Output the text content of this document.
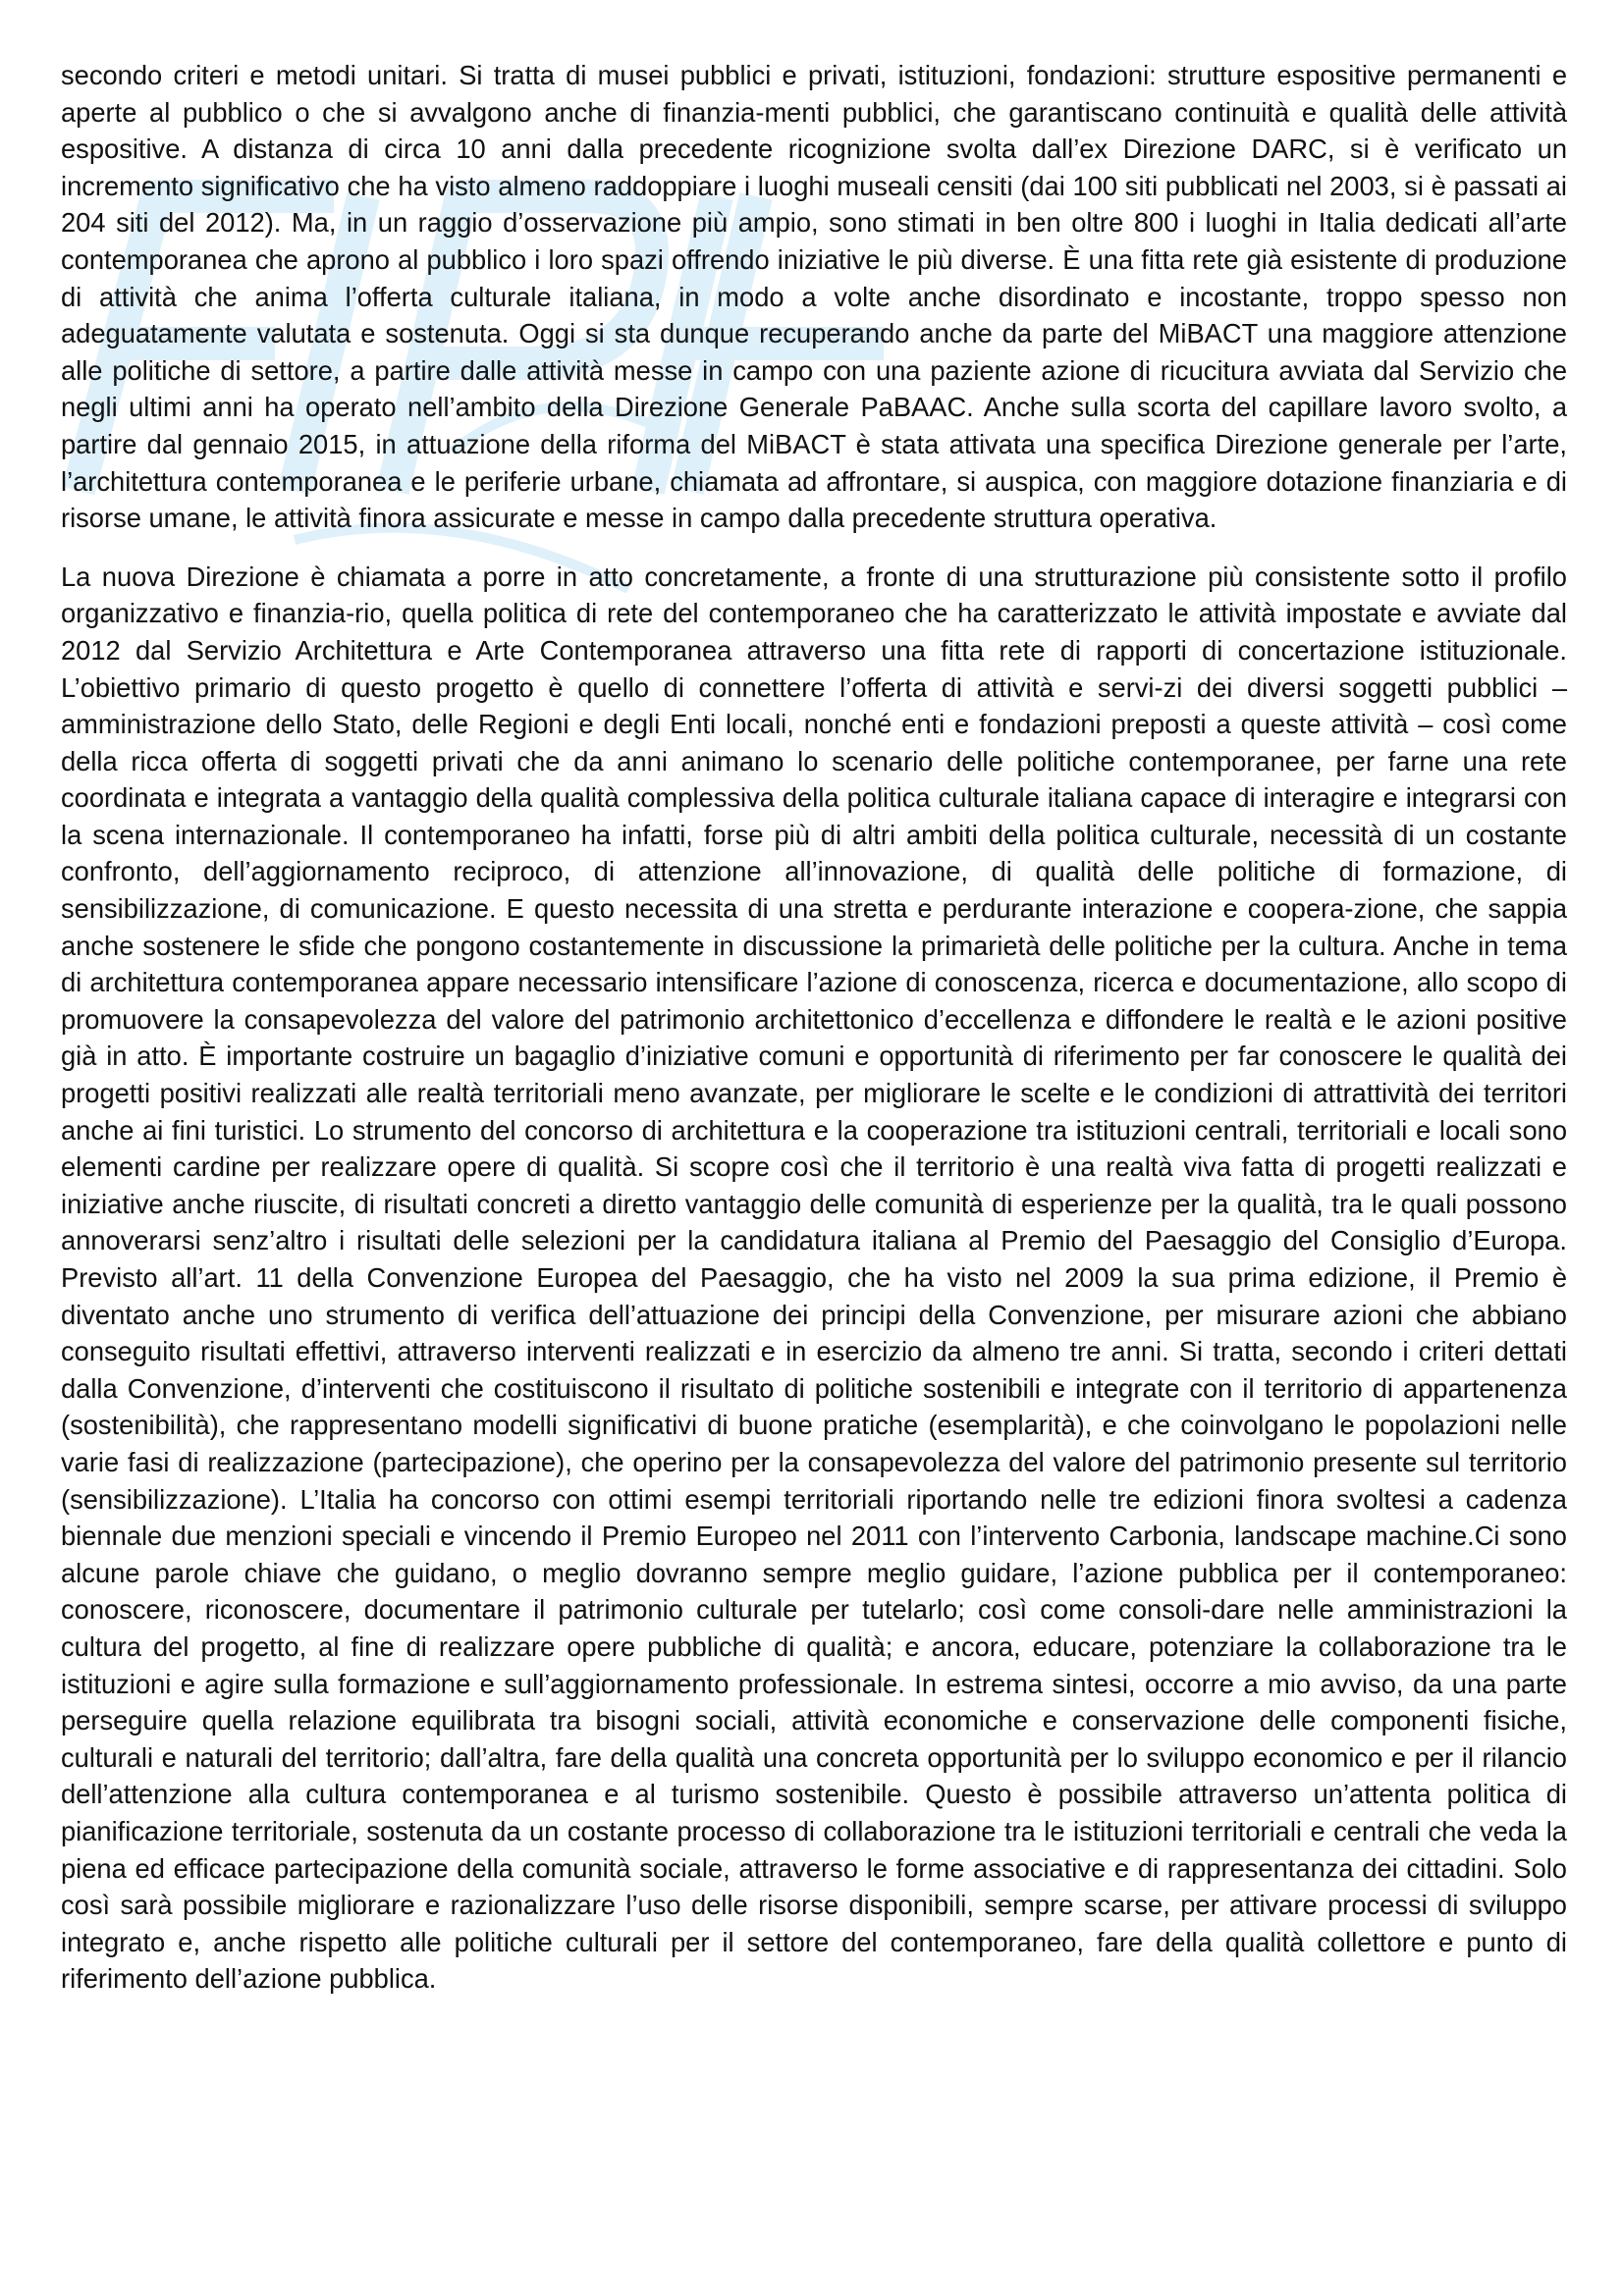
secondo criteri e metodi unitari. Si tratta di musei pubblici e privati, istituzioni, fondazioni: strutture espositive permanenti e aperte al pubblico o che si avvalgono anche di finanzia-menti pubblici, che garantiscano continuità e qualità delle attività espositive. A distanza di circa 10 anni dalla precedente ricognizione svolta dall’ex Direzione DARC, si è verificato un incremento significativo che ha visto almeno raddoppiare i luoghi museali censiti (dai 100 siti pubblicati nel 2003, si è passati ai 204 siti del 2012). Ma, in un raggio d’osservazione più ampio, sono stimati in ben oltre 800 i luoghi in Italia dedicati all’arte contemporanea che aprono al pubblico i loro spazi offrendo iniziative le più diverse. È una fitta rete già esistente di produzione di attività che anima l’offerta culturale italiana, in modo a volte anche disordinato e incostante, troppo spesso non adeguatamente valutata e sostenuta. Oggi si sta dunque recuperando anche da parte del MiBACT una maggiore attenzione alle politiche di settore, a partire dalle attività messe in campo con una paziente azione di ricucitura avviata dal Servizio che negli ultimi anni ha operato nell’ambito della Direzione Generale PaBAAC. Anche sulla scorta del capillare lavoro svolto, a partire dal gennaio 2015, in attuazione della riforma del MiBACT è stata attivata una specifica Direzione generale per l’arte, l’architettura contemporanea e le periferie urbane, chiamata ad affrontare, si auspica, con maggiore dotazione finanziaria e di risorse umane, le attività finora assicurate e messe in campo dalla precedente struttura operativa.

La nuova Direzione è chiamata a porre in atto concretamente, a fronte di una strutturazione più consistente sotto il profilo organizzativo e finanzia-rio, quella politica di rete del contemporaneo che ha caratterizzato le attività impostate e avviate dal 2012 dal Servizio Architettura e Arte Contemporanea attraverso una fitta rete di rapporti di concertazione istituzionale. L’obiettivo primario di questo progetto è quello di connettere l’offerta di attività e servi-zi dei diversi soggetti pubblici – amministrazione dello Stato, delle Regioni e degli Enti locali, nonché enti e fondazioni preposti a queste attività – così come della ricca offerta di soggetti privati che da anni animano lo scenario delle politiche contemporanee, per farne una rete coordinata e integrata a vantaggio della qualità complessiva della politica culturale italiana capace di interagire e integrarsi con la scena internazionale. Il contemporaneo ha infatti, forse più di altri ambiti della politica culturale, necessità di un costante confronto, dell’aggiornamento reciproco, di attenzione all’innovazione, di qualità delle politiche di formazione, di sensibilizzazione, di comunicazione. E questo necessita di una stretta e perdurante interazione e coopera-zione, che sappia anche sostenere le sfide che pongono costantemente in discussione la primarietà delle politiche per la cultura. Anche in tema di architettura contemporanea appare necessario intensificare l’azione di conoscenza, ricerca e documentazione, allo scopo di promuovere la consapevolezza del valore del patrimonio architettonico d’eccellenza e diffondere le realtà e le azioni positive già in atto. È importante costruire un bagaglio d’iniziative comuni e opportunità di riferimento per far conoscere le qualità dei progetti positivi realizzati alle realtà territoriali meno avanzate, per migliorare le scelte e le condizioni di attrattività dei territori anche ai fini turistici. Lo strumento del concorso di architettura e la cooperazione tra istituzioni centrali, territoriali e locali sono elementi cardine per realizzare opere di qualità. Si scopre così che il territorio è una realtà viva fatta di progetti realizzati e iniziative anche riuscite, di risultati concreti a diretto vantaggio delle comunità di esperienze per la qualità, tra le quali possono annoverarsi senz’altro i risultati delle selezioni per la candidatura italiana al Premio del Paesaggio del Consiglio d’Europa. Previsto all’art. 11 della Convenzione Europea del Paesaggio, che ha visto nel 2009 la sua prima edizione, il Premio è diventato anche uno strumento di verifica dell’attuazione dei principi della Convenzione, per misurare azioni che abbiano conseguito risultati effettivi, attraverso interventi realizzati e in esercizio da almeno tre anni. Si tratta, secondo i criteri dettati dalla Convenzione, d’interventi che costituiscono il risultato di politiche sostenibili e integrate con il territorio di appartenenza (sostenibilità), che rappresentano modelli significativi di buone pratiche (esemplarità), e che coinvolgano le popolazioni nelle varie fasi di realizzazione (partecipazione), che operino per la consapevolezza del valore del patrimonio presente sul territorio (sensibilizzazione). L’Italia ha concorso con ottimi esempi territoriali riportando nelle tre edizioni finora svoltesi a cadenza biennale due menzioni speciali e vincendo il Premio Europeo nel 2011 con l’intervento Carbonia, landscape machine.Ci sono alcune parole chiave che guidano, o meglio dovranno sempre meglio guidare, l’azione pubblica per il contemporaneo: conoscere, riconoscere, documentare il patrimonio culturale per tutelarlo; così come consoli-dare nelle amministrazioni la cultura del progetto, al fine di realizzare opere pubbliche di qualità; e ancora, educare, potenziare la collaborazione tra le istituzioni e agire sulla formazione e sull’aggiornamento professionale. In estrema sintesi, occorre a mio avviso, da una parte perseguire quella relazione equilibrata tra bisogni sociali, attività economiche e conservazione delle componenti fisiche, culturali e naturali del territorio; dall’altra, fare della qualità una concreta opportunità per lo sviluppo economico e per il rilancio dell’attenzione alla cultura contemporanea e al turismo sostenibile. Questo è possibile attraverso un’attenta politica di pianificazione territoriale, sostenuta da un costante processo di collaborazione tra le istituzioni territoriali e centrali che veda la piena ed efficace partecipazione della comunità sociale, attraverso le forme associative e di rappresentanza dei cittadini. Solo così sarà possibile migliorare e razionalizzare l’uso delle risorse disponibili, sempre scarse, per attivare processi di sviluppo integrato e, anche rispetto alle politiche culturali per il settore del contemporaneo, fare della qualità collettore e punto di riferimento dell’azione pubblica.
